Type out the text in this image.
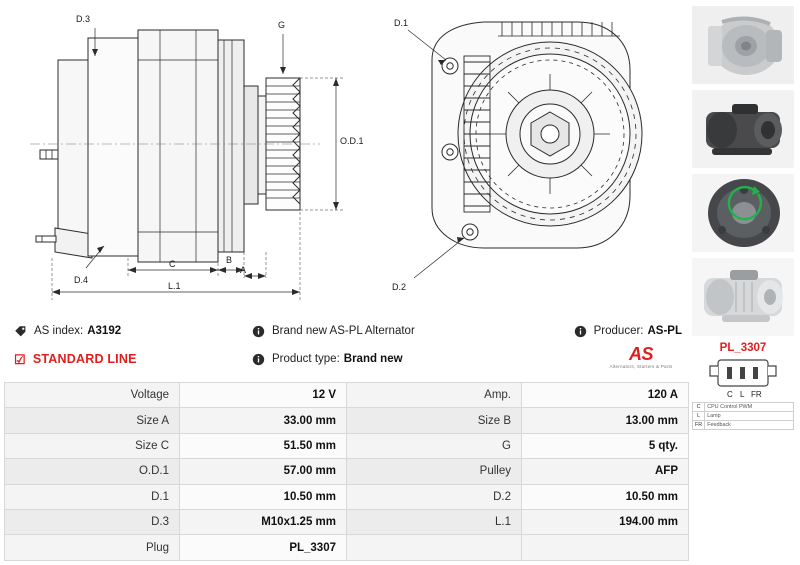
D.3
D.4
G
O.D.1
C	B
A
L.1
D.1
D.2
AS index: A3192	Brand new AS-PL Alternator	Producer: AS-PL
☑ STANDARD LINE	Product type: Brand new	AS
Alternators, Starters & Parts
Voltage	12 V	Amp.	120 A
Size A	33.00 mm	Size B	13.00 mm
Size C	51.50 mm	G	5 qty.
O.D.1	57.00 mm	Pulley	AFP
D.1	10.50 mm	D.2	10.50 mm
D.3	M10x1.25 mm	L.1	194.00 mm
Plug	PL_3307		
PL_3307
C L FR
C	CPU Control PWM
L	Lamp
FR	Feedback
